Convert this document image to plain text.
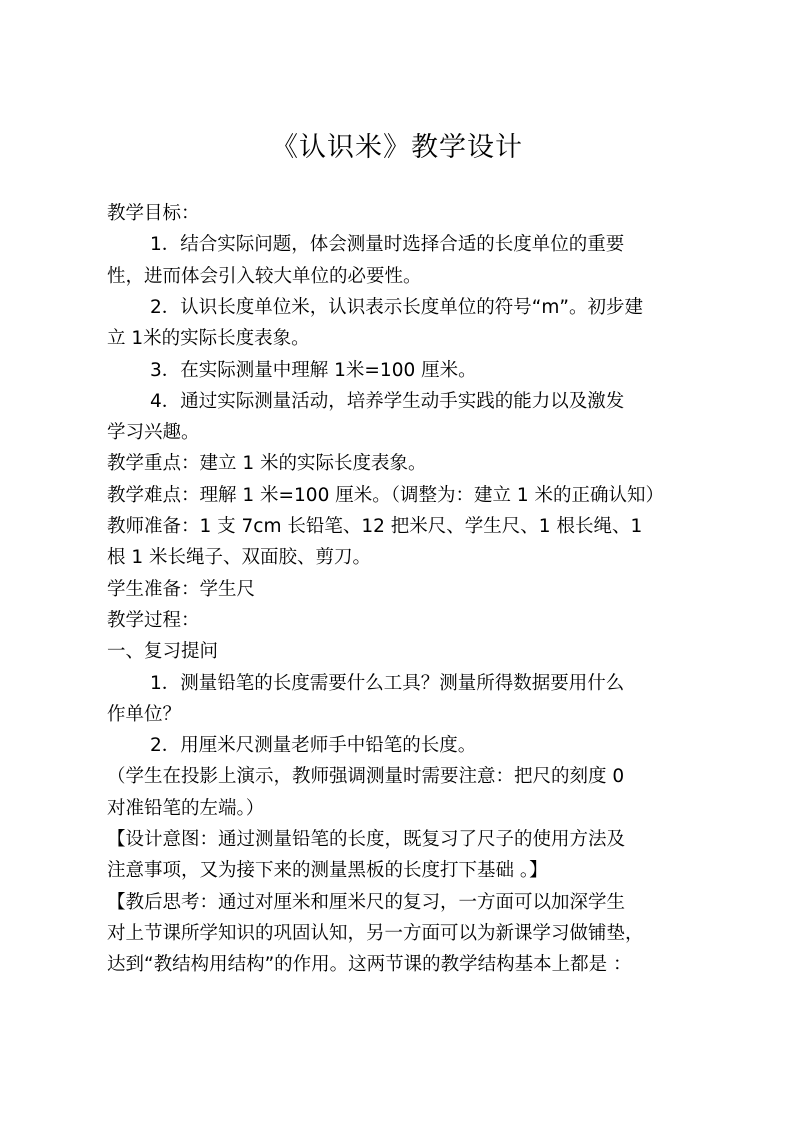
《认识米》教学设计
教学目标：
1．结合实际问题，体会测量时选择合适的长度单位的重要
性，进而体会引入较大单位的必要性。
2．认识长度单位米，认识表示长度单位的符号“m”。初步建
立 1米的实际长度表象。
3．在实际测量中理解 1米=100 厘米。
4．通过实际测量活动，培养学生动手实践的能力以及激发
学习兴趣。
教学重点：建立 1 米的实际长度表象。
教学难点：理解 1 米=100 厘米。（调整为：建立 1 米的正确认知）
教师准备：1 支 7cm 长铅笔、12 把米尺、学生尺、1 根长绳、1
根 1 米长绳子、双面胶、剪刀。
学生准备：学生尺
教学过程：
一、复习提问
1．测量铅笔的长度需要什么工具？测量所得数据要用什么
作单位？
2．用厘米尺测量老师手中铅笔的长度。
（学生在投影上演示，教师强调测量时需要注意：把尺的刻度 0
对准铅笔的左端。）
【设计意图：通过测量铅笔的长度，既复习了尺子的使用方法及
注意事项，又为接下来的测量黑板的长度打下基础 。】
【教后思考：通过对厘米和厘米尺的复习，一方面可以加深学生
对上节课所学知识的巩固认知，另一方面可以为新课学习做铺垫，
达到“教结构用结构”的作用。这两节课的教学结构基本上都是 ：
